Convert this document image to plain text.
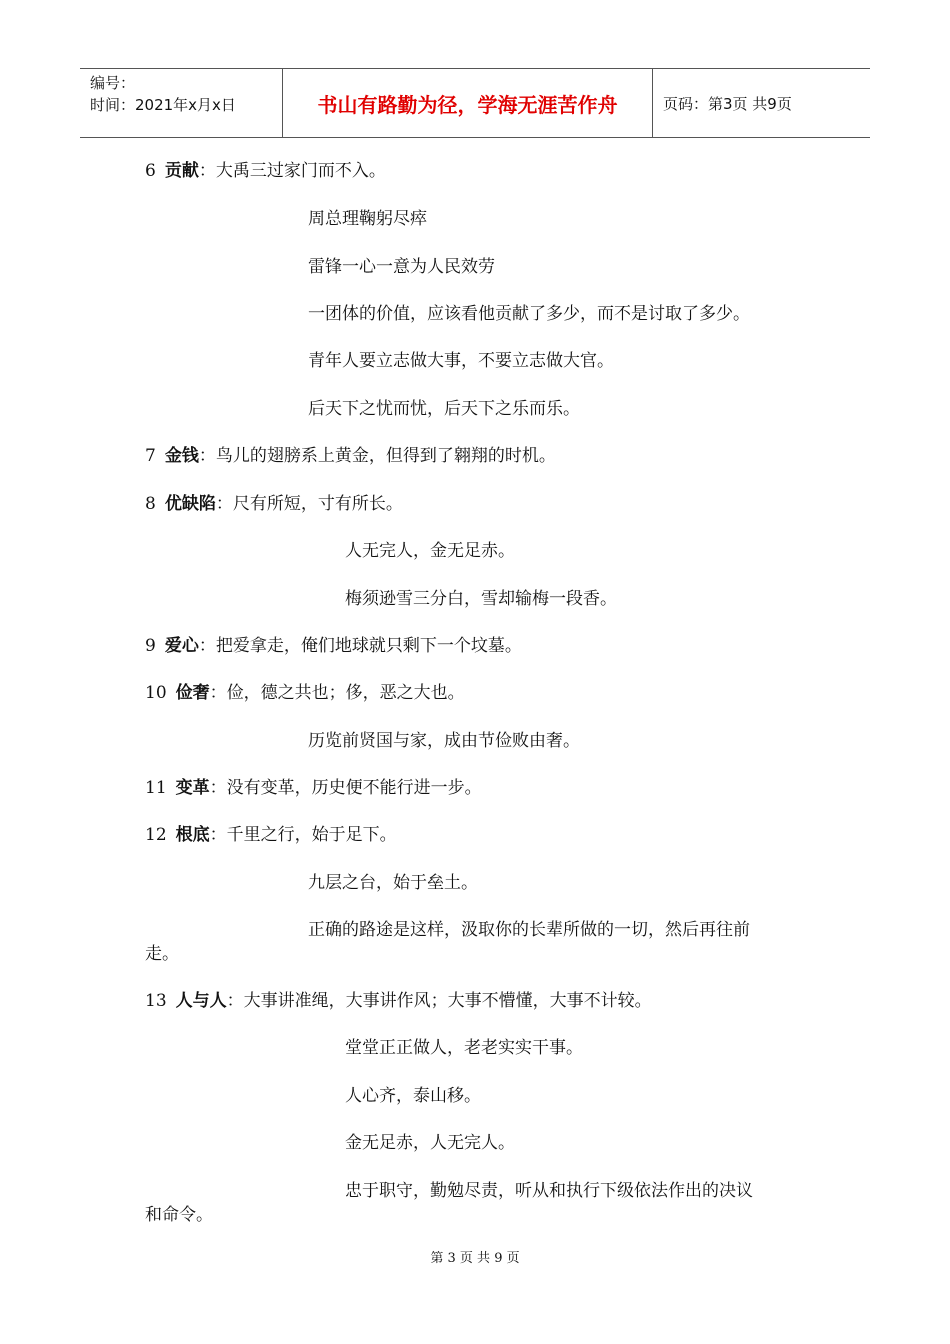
编号：
时间：2021年x月x日	书山有路勤为径，学海无涯苦作舟	页码：第3页 共9页
6 贡献：大禹三过家门而不入。
周总理鞠躬尽瘁
雷锋一心一意为人民效劳
一团体的价值，应该看他贡献了多少，而不是讨取了多少。
青年人要立志做大事，不要立志做大官。
后天下之忧而忧，后天下之乐而乐。
7 金钱：鸟儿的翅膀系上黄金，但得到了翱翔的时机。
8 优缺陷：尺有所短，寸有所长。
人无完人，金无足赤。
梅须逊雪三分白，雪却输梅一段香。
9 爱心：把爱拿走，俺们地球就只剩下一个坟墓。
10 俭奢：俭，德之共也；侈，恶之大也。
历览前贤国与家，成由节俭败由奢。
11 变革：没有变革，历史便不能行进一步。
12 根底：千里之行，始于足下。
九层之台，始于垒土。
正确的路途是这样，汲取你的长辈所做的一切，然后再往前
走。
13 人与人：大事讲准绳，大事讲作风；大事不懵懂，大事不计较。
堂堂正正做人，老老实实干事。
人心齐，泰山移。
金无足赤，人无完人。
忠于职守，勤勉尽责，听从和执行下级依法作出的决议
和命令。
第 3 页 共 9 页
